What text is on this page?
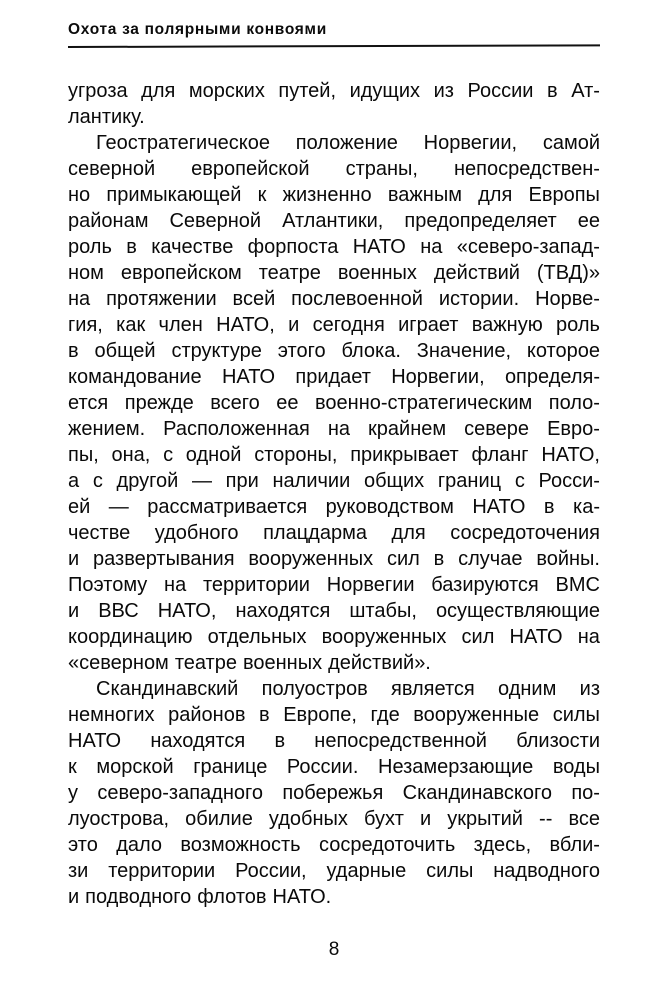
Охота за полярными конвоями
угроза для морских путей, идущих из России в Ат-
лантику.
Геостратегическое положение Норвегии, самой
северной европейской страны, непосредствен-
но примыкающей к жизненно важным для Европы
районам Северной Атлантики, предопределяет ее
роль в качестве форпоста НАТО на «северо-запад-
ном европейском театре военных действий (ТВД)»
на протяжении всей послевоенной истории. Норве-
гия, как член НАТО, и сегодня играет важную роль
в общей структуре этого блока. Значение, которое
командование НАТО придает Норвегии, определя-
ется прежде всего ее военно-стратегическим поло-
жением. Расположенная на крайнем севере Евро-
пы, она, с одной стороны, прикрывает фланг НАТО,
а с другой — при наличии общих границ с Росси-
ей — рассматривается руководством НАТО в ка-
честве удобного плацдарма для сосредоточения
и развертывания вооруженных сил в случае войны.
Поэтому на территории Норвегии базируются ВМС
и ВВС НАТО, находятся штабы, осуществляющие
координацию отдельных вооруженных сил НАТО на
«северном театре военных действий».
Скандинавский полуостров является одним из
немногих районов в Европе, где вооруженные силы
НАТО находятся в непосредственной близости
к морской границе России. Незамерзающие воды
у северо-западного побережья Скандинавского по-
луострова, обилие удобных бухт и укрытий -- все
это дало возможность сосредоточить здесь, вбли-
зи территории России, ударные силы надводного
и подводного флотов НАТО.
8
